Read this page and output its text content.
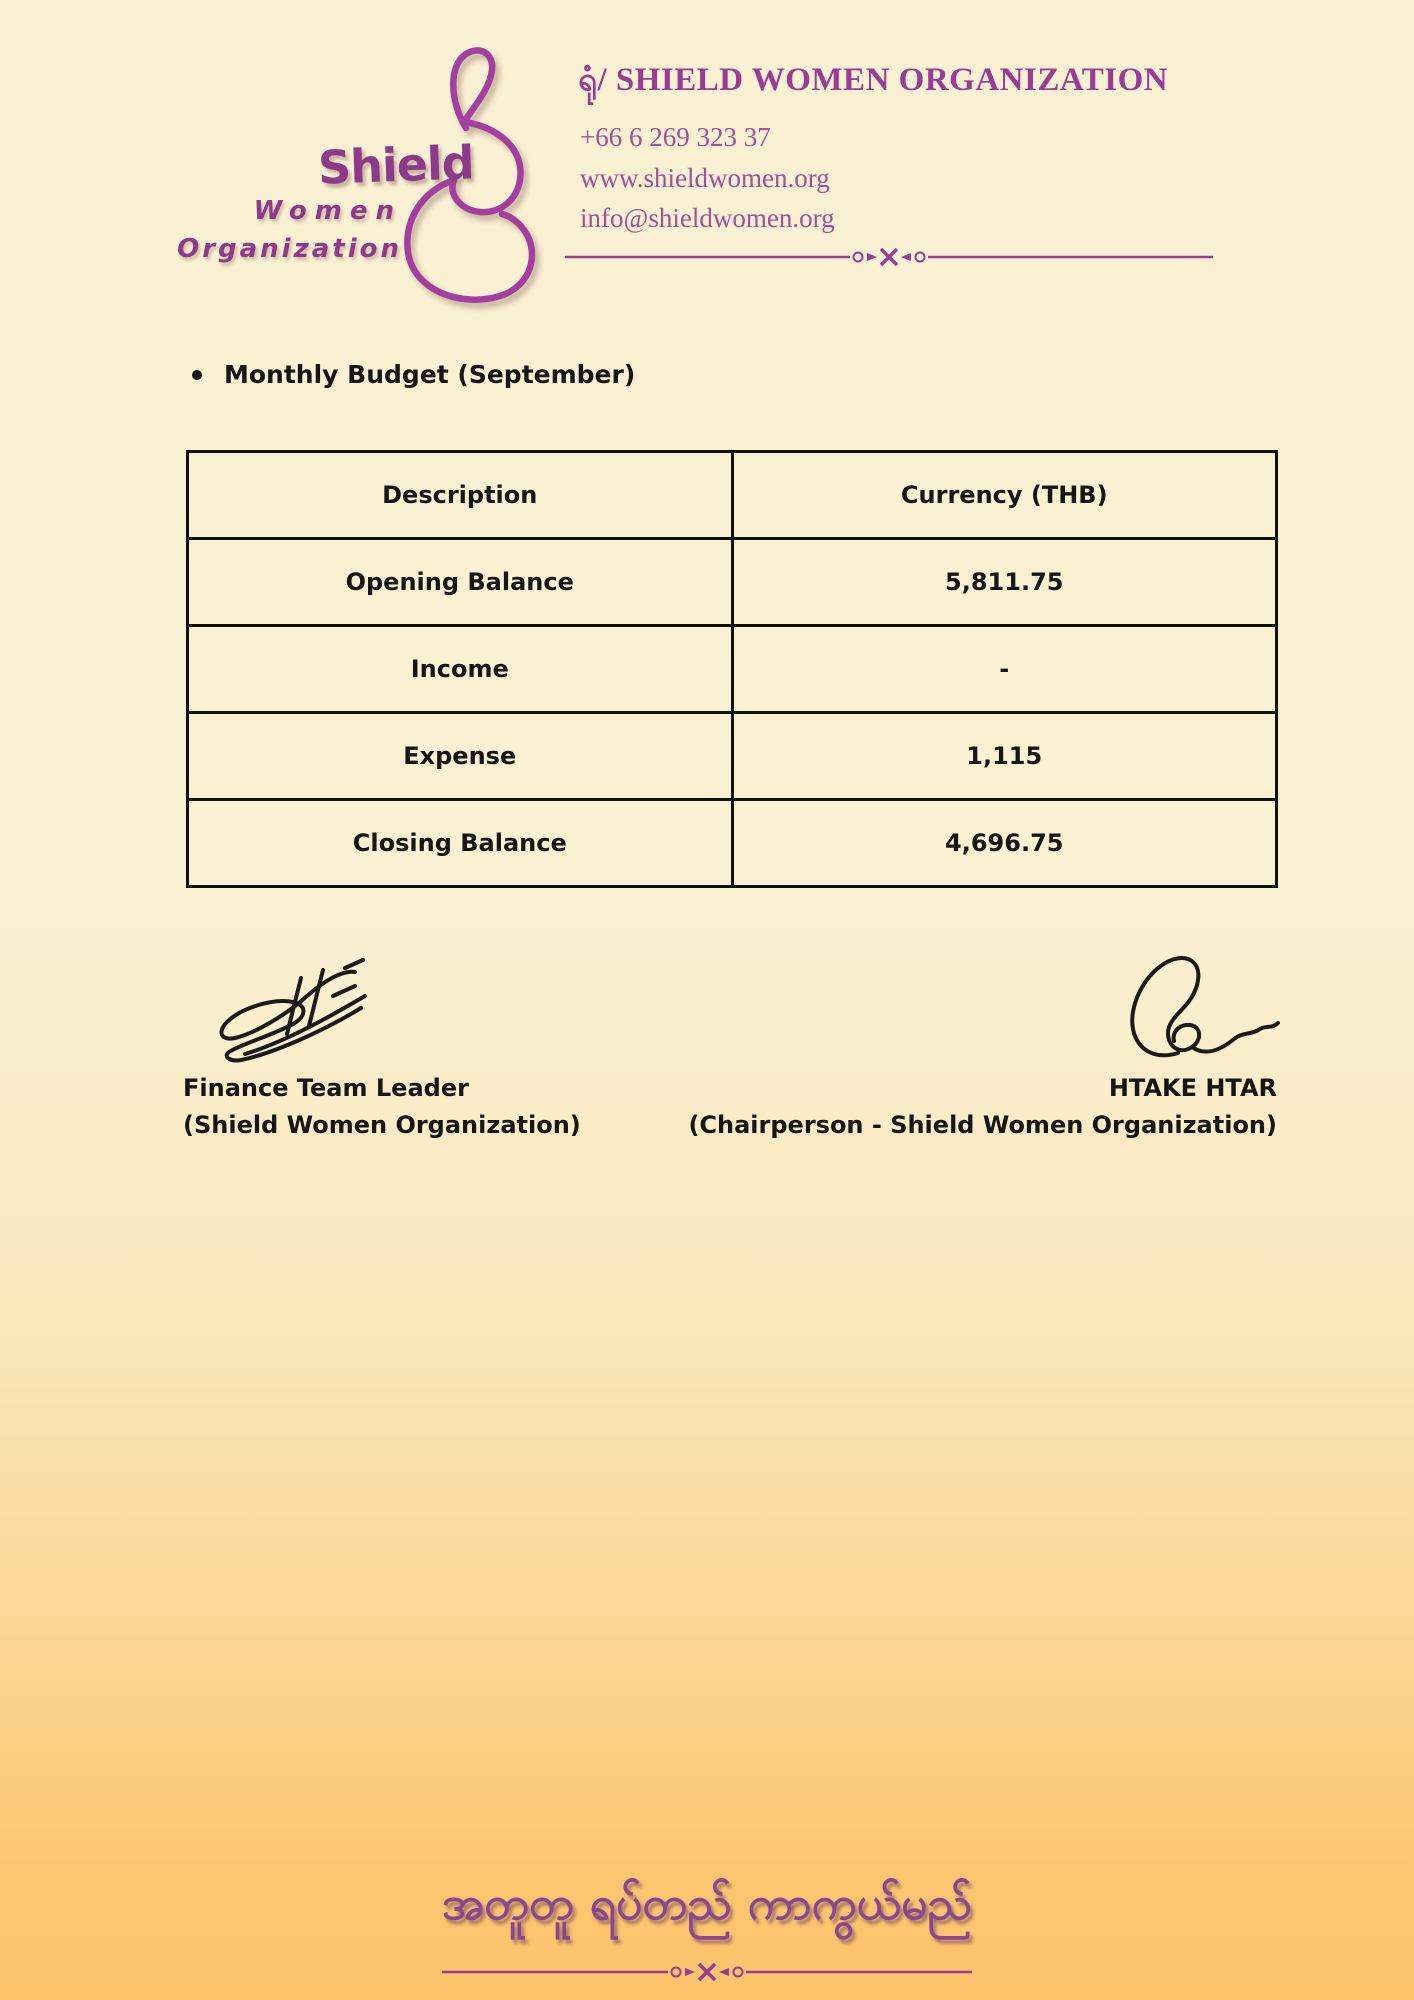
Shield
Women
Organization
ရုံ/ SHIELD WOMEN ORGANIZATION
+66 6 269 323 37
www.shieldwomen.org
info@shieldwomen.org
Monthly Budget (September)
Description	Currency (THB)
Opening Balance	5,811.75
Income	-
Expense	1,115
Closing Balance	4,696.75
Finance Team Leader
(Shield Women Organization)
HTAKE HTAR
(Chairperson - Shield Women Organization)
အတူတူ ရပ်တည် ကာကွယ်မည်
